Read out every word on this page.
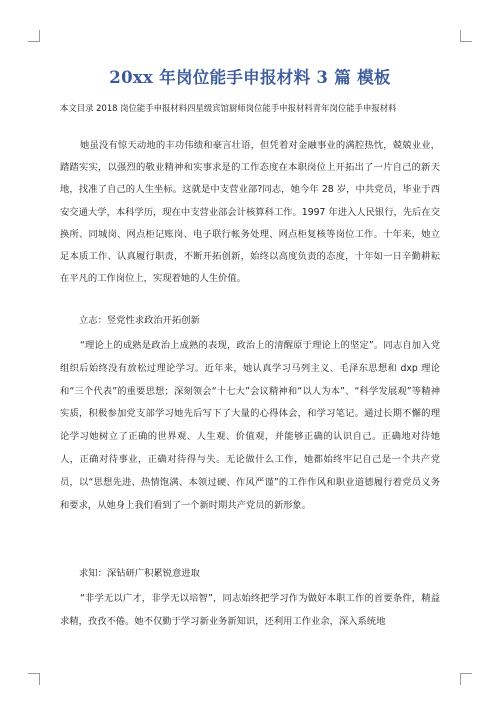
20xx 年岗位能手申报材料 3 篇 模板
本文目录 2018 岗位能手申报材料四星级宾馆厨师岗位能手申报材料青年岗位能手申报材料

她虽没有惊天动地的丰功伟绩和豪言壮语，但凭着对金融事业的满腔热忱，兢兢业业，踏踏实实，以强烈的敬业精神和实事求是的工作态度在本职岗位上开拓出了一片自己的新天地，找准了自己的人生坐标。这就是中支营业部?同志，她今年 28 岁，中共党员，毕业于西安交通大学，本科学历，现在中支营业部会计核算科工作。1997 年进入人民银行，先后在交换所、同城岗、网点柜记账岗、电子联行帐务处理、网点柜复核等岗位工作。十年来，她立足本质工作、认真履行职责，不断开拓创新，始终以高度负责的态度，十年如一日辛勤耕耘在平凡的工作岗位上，实现着她的人生价值。

立志：竖党性求政治开拓创新

“理论上的成熟是政治上成熟的表现，政治上的清醒原于理论上的坚定”。同志自加入党组织后始终没有放松过理论学习。近年来，她认真学习马列主义、毛泽东思想和 dxp 理论和“三个代表”的重要思想；深刻领会“十七大”会议精神和“以人为本”、“科学发展观”等精神实质，积极参加党支部学习她先后写下了大量的心得体会，和学习笔记。通过长期不懈的理论学习她树立了正确的世界观、人生观、价值观，并能够正确的认识自己。正确地对待她人，正确对待事业，正确对待得与失。无论做什么工作，她都始终牢记自己是一个共产党员，以“思想先进、热情饱满、本领过硬、作风严谨”的工作作风和职业道德履行着党员义务和要求，从她身上我们看到了一个新时期共产党员的新形象。

求知：深钻研广积累锐意进取

“非学无以广才，非学无以培智”，同志始终把学习作为做好本职工作的首要条件，精益求精，孜孜不倦。她不仅勤于学习新业务新知识，还利用工作业余，深入系统地
